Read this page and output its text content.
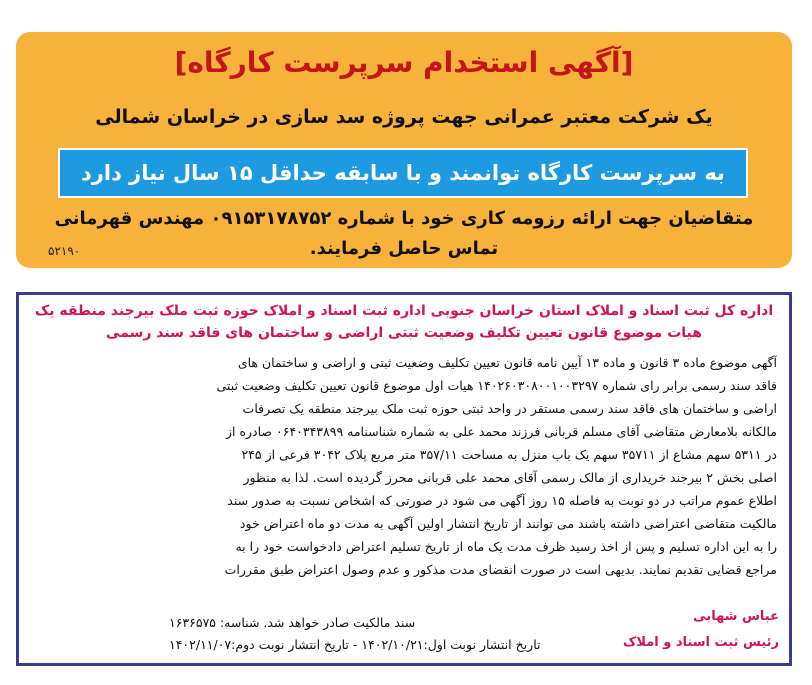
[آگهی استخدام سرپرست کارگاه]
یک شرکت معتبر عمرانی جهت پروژه سد سازی در خراسان شمالی
به سرپرست کارگاه توانمند و با سابقه حداقل ۱۵ سال نیاز دارد
متقاضیان جهت ارائه رزومه کاری خود با شماره ۰۹۱۵۳۱۷۸۷۵۲ مهندس قهرمانی
تماس حاصل فرمایند.
۵۲۱۹۰
اداره کل ثبت اسناد و املاک استان خراسان جنوبی اداره ثبت اسناد و املاک حوزه ثبت ملک بیرجند منطقه یک
هیات موضوع قانون تعیین تکلیف وضعیت ثبتی اراضی و ساختمان های فاقد سند رسمی
آگهی موضوع ماده ۳ قانون و ماده ۱۳ آیین نامه قانون تعیین تکلیف وضعیت ثبتی و اراضی و ساختمان های
فاقد سند رسمی برابر رای شماره ۱۴۰۲۶۰۳۰۸۰۰۱۰۰۳۲۹۷ هیات اول موضوع قانون تعیین تکلیف وضعیت ثبتی
اراضی و ساختمان های فاقد سند رسمی مستقر در واحد ثبتی حوزه ثبت ملک بیرجند منطقه یک تصرفات
مالکانه بلامعارض متقاضی آقای مسلم قربانی فرزند محمد علی به شماره شناسنامه ۰۶۴۰۳۴۳۸۹۹ صادره از
در ۵۳۱۱ سهم مشاع از ۳۵۷۱۱ سهم یک باب منزل به مساحت ۳۵۷/۱۱ متر مربع پلاک ۳۰۴۲ فرعی از ۲۴۵
اصلی بخش ۲ بیرجند خریداری از مالک رسمی آقای محمد علی قربانی محرز گردیده است. لذا به منظور
اطلاع عموم مراتب در دو نوبت به فاصله ۱۵ روز آگهی می شود در صورتی که اشخاص نسبت به صدور سند
مالکیت متقاضی اعتراضی داشته باشند می توانند از تاریخ انتشار اولین آگهی به مدت دو ماه اعتراض خود
را به این اداره تسلیم و پس از اخذ رسید ظرف مدت یک ماه از تاریخ تسلیم اعتراض دادخواست خود را به
مراجع قضایی تقدیم نمایند. بدیهی است در صورت انقضای مدت مذکور و عدم وصول اعتراض طبق مقررات
عباس شهابی
رئیس ثبت اسناد و املاک
سند مالکیت صادر خواهد شد. شناسه: ۱۶۳۶۵۷۵
تاریخ انتشار نوبت اول:۱۴۰۲/۱۰/۲۱ - تاریخ انتشار نوبت دوم:۱۴۰۲/۱۱/۰۷
